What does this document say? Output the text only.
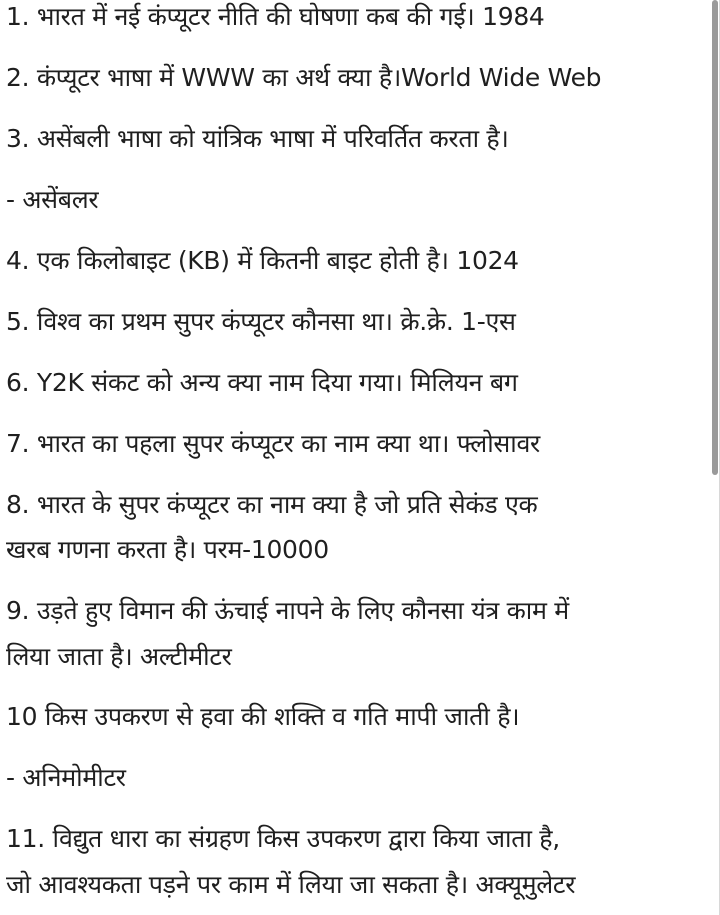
1. भारत में नई कंप्यूटर नीति की घोषणा कब की गई। 1984
2. कंप्यूटर भाषा में WWW का अर्थ क्या है।World Wide Web
3. असेंबली भाषा को यांत्रिक भाषा में परिवर्तित करता है।
- असेंबलर
4. एक किलोबाइट (KB) में कितनी बाइट होती है। 1024
5. विश्व का प्रथम सुपर कंप्यूटर कौनसा था। क्रे.क्रे. 1-एस
6. Y2K संकट को अन्य क्या नाम दिया गया। मिलियन बग
7. भारत का पहला सुपर कंप्यूटर का नाम क्या था। फ्लोसावर
8. भारत के सुपर कंप्यूटर का नाम क्या है जो प्रति सेकंड एक
खरब गणना करता है। परम-10000
9. उड़ते हुए विमान की ऊंचाई नापने के लिए कौनसा यंत्र काम में
लिया जाता है। अल्टीमीटर
10 किस उपकरण से हवा की शक्ति व गति मापी जाती है।
- अनिमोमीटर
11. विद्युत धारा का संग्रहण किस उपकरण द्वारा किया जाता है,
जो आवश्यकता पड़ने पर काम में लिया जा सकता है। अक्यूमुलेटर
